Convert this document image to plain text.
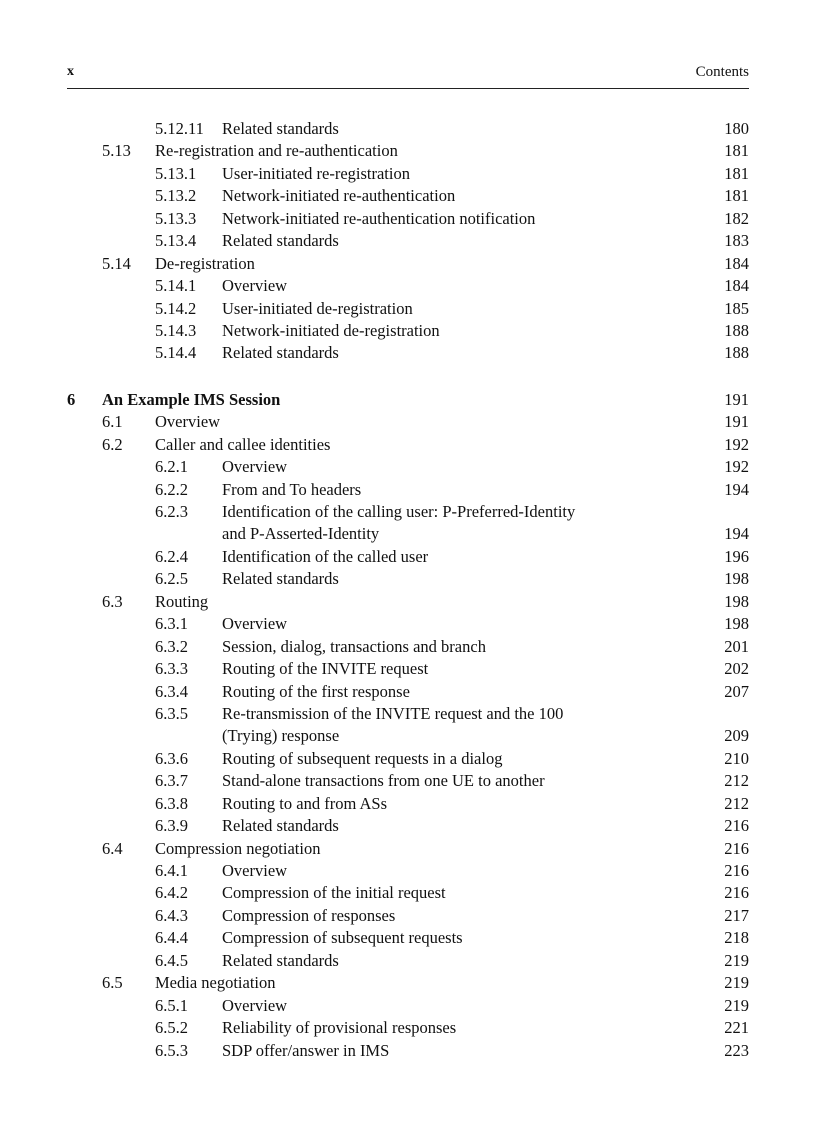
x	Contents
5.12.11 Related standards	180
5.13 Re-registration and re-authentication	181
5.13.1 User-initiated re-registration	181
5.13.2 Network-initiated re-authentication	181
5.13.3 Network-initiated re-authentication notification	182
5.13.4 Related standards	183
5.14 De-registration	184
5.14.1 Overview	184
5.14.2 User-initiated de-registration	185
5.14.3 Network-initiated de-registration	188
5.14.4 Related standards	188
6 An Example IMS Session	191
6.1 Overview	191
6.2 Caller and callee identities	192
6.2.1 Overview	192
6.2.2 From and To headers	194
6.2.3 Identification of the calling user: P-Preferred-Identity
and P-Asserted-Identity	194
6.2.4 Identification of the called user	196
6.2.5 Related standards	198
6.3 Routing	198
6.3.1 Overview	198
6.3.2 Session, dialog, transactions and branch	201
6.3.3 Routing of the INVITE request	202
6.3.4 Routing of the first response	207
6.3.5 Re-transmission of the INVITE request and the 100
(Trying) response	209
6.3.6 Routing of subsequent requests in a dialog	210
6.3.7 Stand-alone transactions from one UE to another	212
6.3.8 Routing to and from ASs	212
6.3.9 Related standards	216
6.4 Compression negotiation	216
6.4.1 Overview	216
6.4.2 Compression of the initial request	216
6.4.3 Compression of responses	217
6.4.4 Compression of subsequent requests	218
6.4.5 Related standards	219
6.5 Media negotiation	219
6.5.1 Overview	219
6.5.2 Reliability of provisional responses	221
6.5.3 SDP offer/answer in IMS	223
